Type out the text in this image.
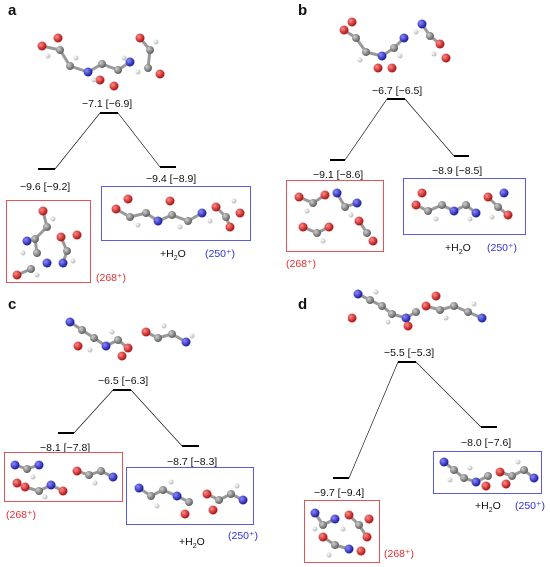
a
−7.1 [−6.9]
−9.6 [−9.2]
−9.4 [−8.9]
(268⁺)
$+H_2O$ (250⁺)
b
−6.7 [−6.5]
−9.1 [−8.6]	−8.9 [−8.5]
(268⁺)
$+H_2O$ (250⁺)
c
−6.5 [−6.3]
−8.1 [−7.8]
−8.7 [−8.3]
(268⁺)
$+H_2O$ (250⁺)
d
−5.5 [−5.3]
−9.7 [−9.4]
−8.0 [−7.6]
(268⁺)
$+H_2O$ (250⁺)
